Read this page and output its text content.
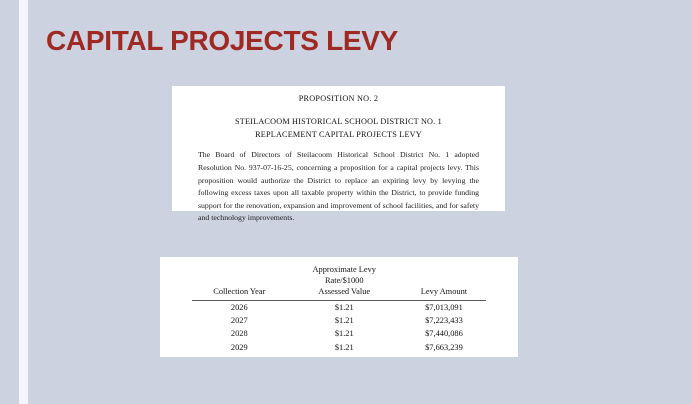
CAPITAL PROJECTS LEVY
PROPOSITION NO. 2
STEILACOOM HISTORICAL SCHOOL DISTRICT NO. 1
REPLACEMENT CAPITAL PROJECTS LEVY

The Board of Directors of Steilacoom Historical School District No. 1 adopted Resolution No. 937-07-16-25, concerning a proposition for a capital projects levy. This proposition would authorize the District to replace an expiring levy by levying the following excess taxes upon all taxable property within the District, to provide funding support for the renovation, expansion and improvement of school facilities, and for safety and technology improvements.

	Approximate Levy
Rate/$1000	

Collection Year	Assessed Value	Levy Amount

2026	$1.21	$7,013,091
2027	$1.21	$7,223,433
2028	$1.21	$7,440,086
2029	$1.21	$7,663,239
